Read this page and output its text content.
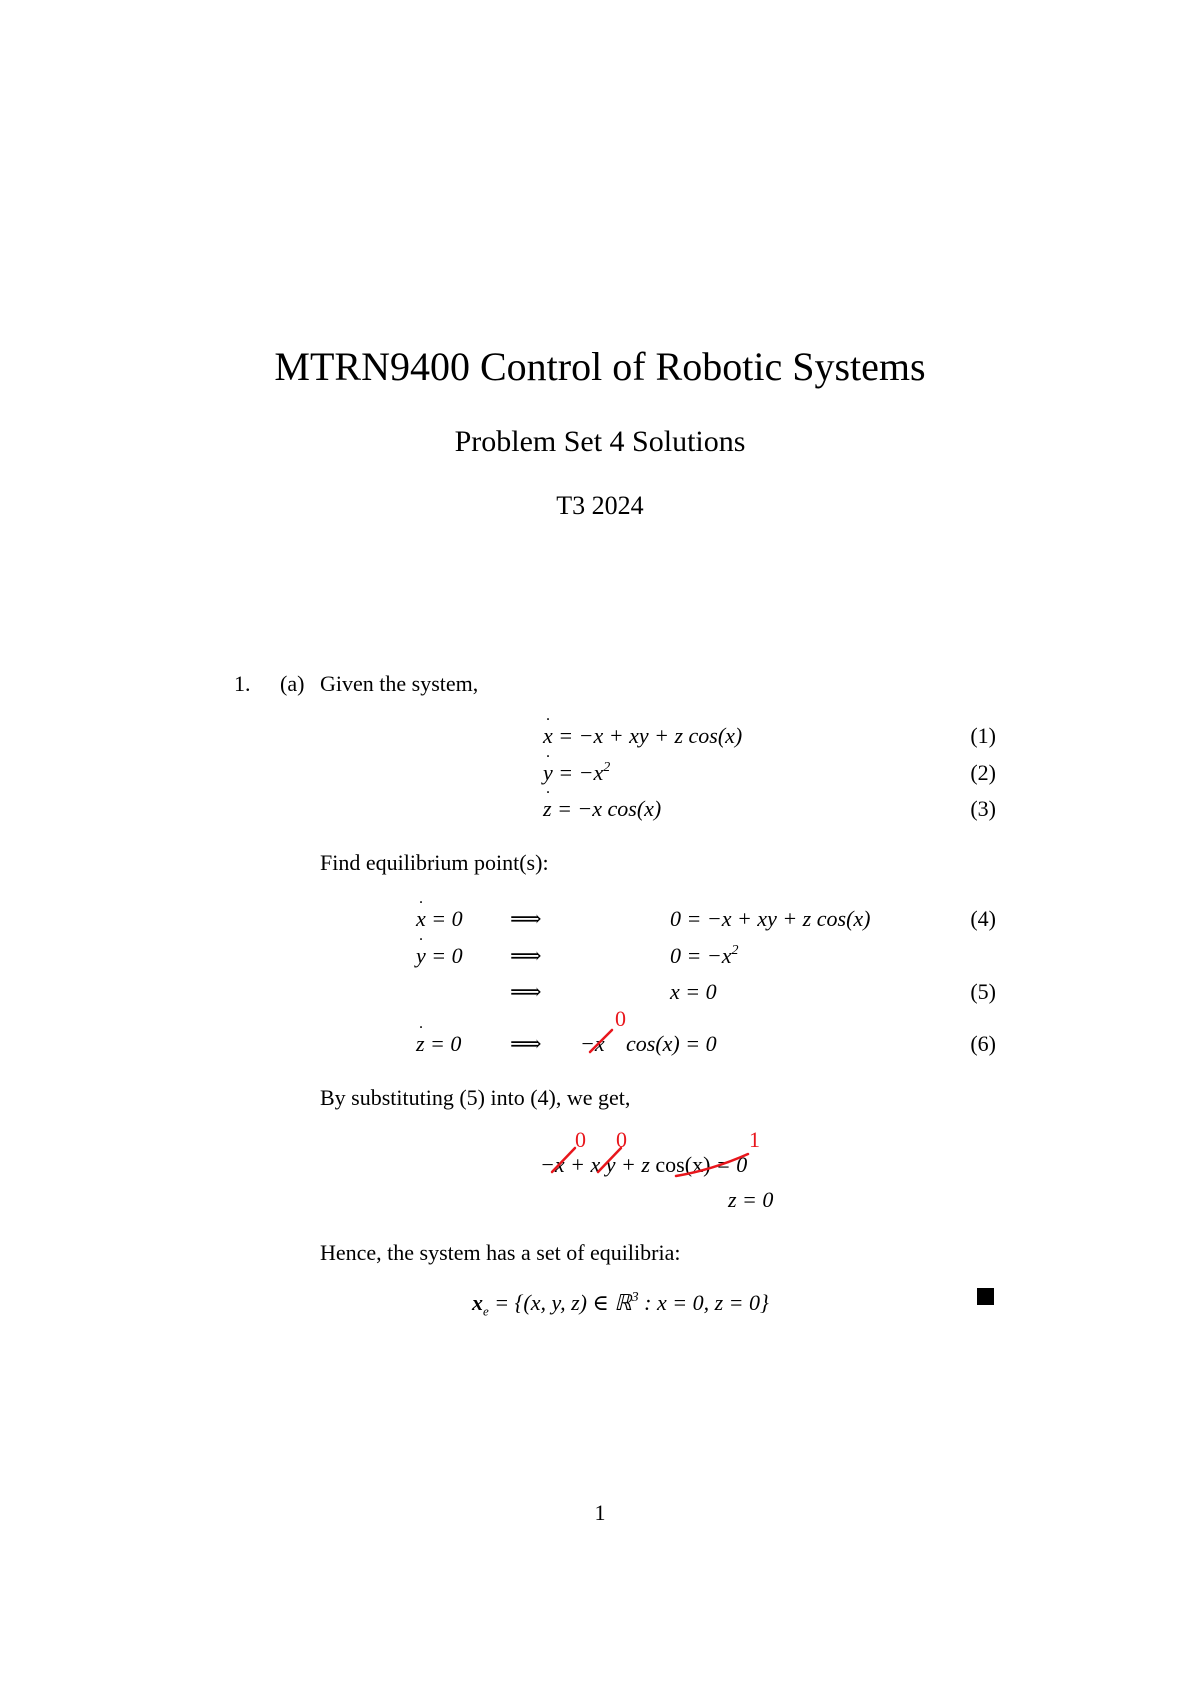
MTRN9400 Control of Robotic Systems
Problem Set 4 Solutions
T3 2024
1. (a) Given the system,
˙ x = −x + xy + z cos(x)	(1)
˙ $y = -x^2$	(2)
˙ z = −x cos(x)	(3)
Find equilibrium point(s):
˙ x = 0 ⟹	0 = −x + xy + z cos(x)	(4)
˙ y = 0 ⟹	$0 = -x^2$
⟹	x = 0	(5)
˙ z = 0 ⟹ −x cos(x) = 0	(6)
0
By substituting (5) into (4), we get,
−x + x y + z cos(x) = 0
0 0	1
z = 0
Hence, the system has a set of equilibria:
$x_e = \{(x$, y, z) ∈ ℝ$^3$ : x = 0, z = 0}
1
